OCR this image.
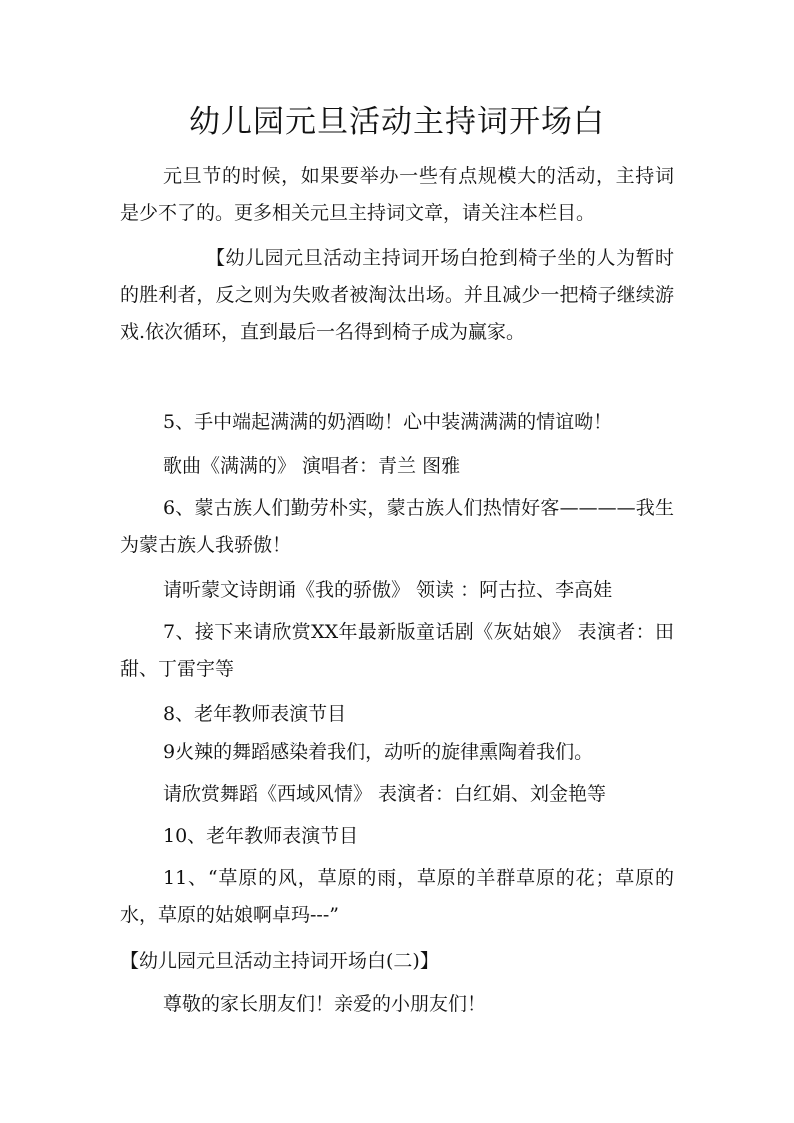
幼儿园元旦活动主持词开场白

元旦节的时候，如果要举办一些有点规模大的活动，主持词是少不了的。更多相关元旦主持词文章，请关注本栏目。

【幼儿园元旦活动主持词开场白抢到椅子坐的人为暂时的胜利者，反之则为失败者被淘汰出场。并且减少一把椅子继续游戏.依次循环，直到最后一名得到椅子成为赢家。

5、手中端起满满的奶酒呦！心中装满满满的情谊呦！

歌曲《满满的》 演唱者：青兰 图雅

6、蒙古族人们勤劳朴实，蒙古族人们热情好客————我生为蒙古族人我骄傲！

请听蒙文诗朗诵《我的骄傲》 领读 ：阿古拉、李高娃

7、接下来请欣赏XX年最新版童话剧《灰姑娘》 表演者：田甜、丁雷宇等

8、老年教师表演节目

9火辣的舞蹈感染着我们，动听的旋律熏陶着我们。

请欣赏舞蹈《西域风情》 表演者：白红娟、刘金艳等

10、老年教师表演节目

11、“草原的风，草原的雨，草原的羊群草原的花；草原的水，草原的姑娘啊卓玛---”

【幼儿园元旦活动主持词开场白(二)】

尊敬的家长朋友们！亲爱的小朋友们！
